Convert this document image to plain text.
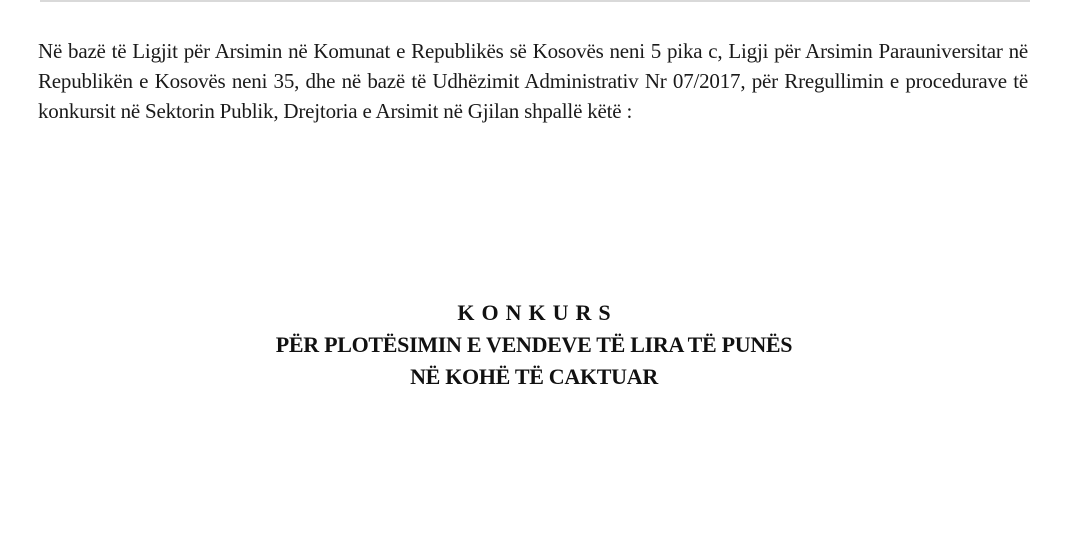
Në bazë të Ligjit për Arsimin në Komunat e Republikës së Kosovës neni 5 pika c, Ligji për Arsimin Parauniversitar në Republikën e Kosovës neni 35, dhe në bazë të Udhëzimit Administrativ Nr 07/2017, për Rregullimin e procedurave të konkursit në Sektorin Publik, Drejtoria e Arsimit në Gjilan shpallë këtë :

KONKURS
PËR PLOTËSIMIN E VENDEVE TË LIRA TË PUNËS
NË KOHË TË CAKTUAR
